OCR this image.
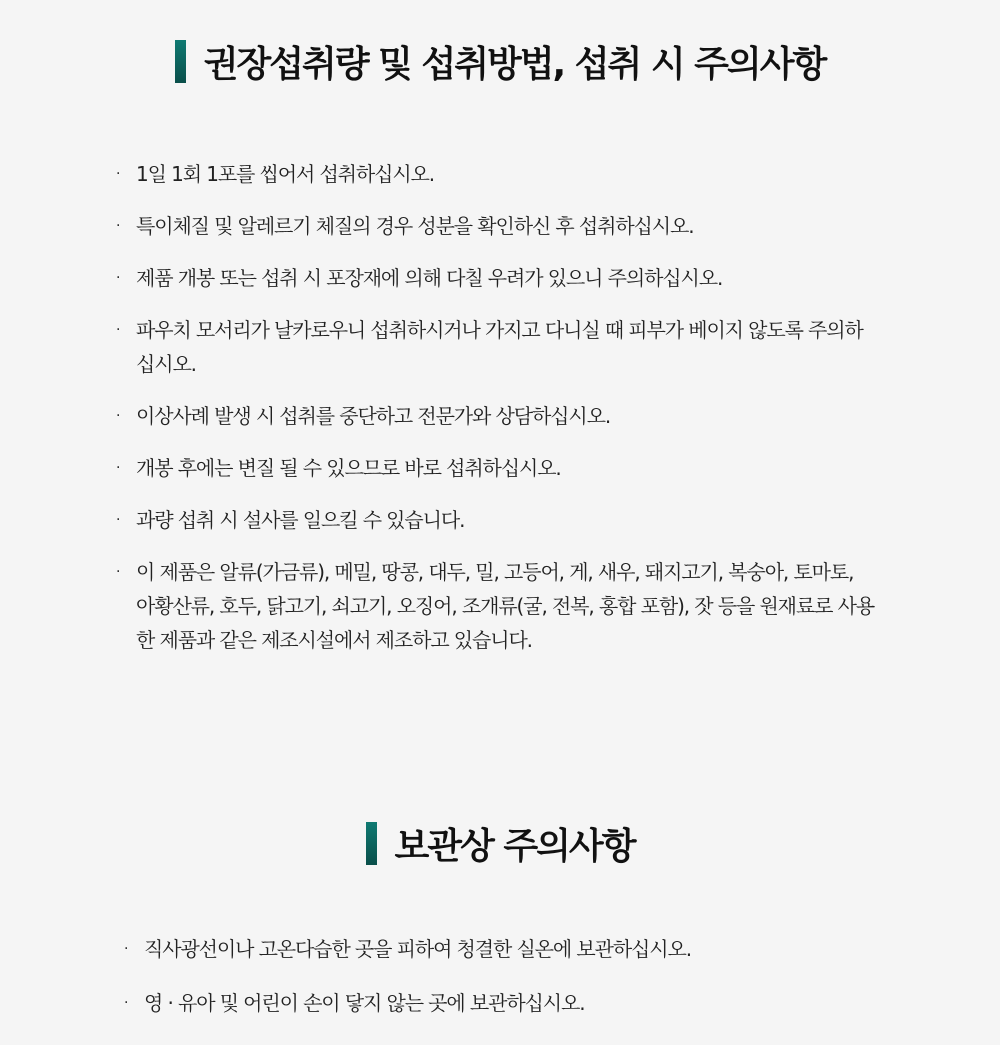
권장섭취량 및 섭취방법, 섭취 시 주의사항
· 1일 1회 1포를 씹어서 섭취하십시오.
· 특이체질 및 알레르기 체질의 경우 성분을 확인하신 후 섭취하십시오.
· 제품 개봉 또는 섭취 시 포장재에 의해 다칠 우려가 있으니 주의하십시오.
· 파우치 모서리가 날카로우니 섭취하시거나 가지고 다니실 때 피부가 베이지 않도록 주의하십시오.
· 이상사례 발생 시 섭취를 중단하고 전문가와 상담하십시오.
· 개봉 후에는 변질 될 수 있으므로 바로 섭취하십시오.
· 과량 섭취 시 설사를 일으킬 수 있습니다.
· 이 제품은 알류(가금류), 메밀, 땅콩, 대두, 밀, 고등어, 게, 새우, 돼지고기, 복숭아, 토마토, 아황산류, 호두, 닭고기, 쇠고기, 오징어, 조개류(굴, 전복, 홍합 포함), 잣 등을 원재료로 사용한 제품과 같은 제조시설에서 제조하고 있습니다.
보관상 주의사항
· 직사광선이나 고온다습한 곳을 피하여 청결한 실온에 보관하십시오.
· 영 · 유아 및 어린이 손이 닿지 않는 곳에 보관하십시오.
